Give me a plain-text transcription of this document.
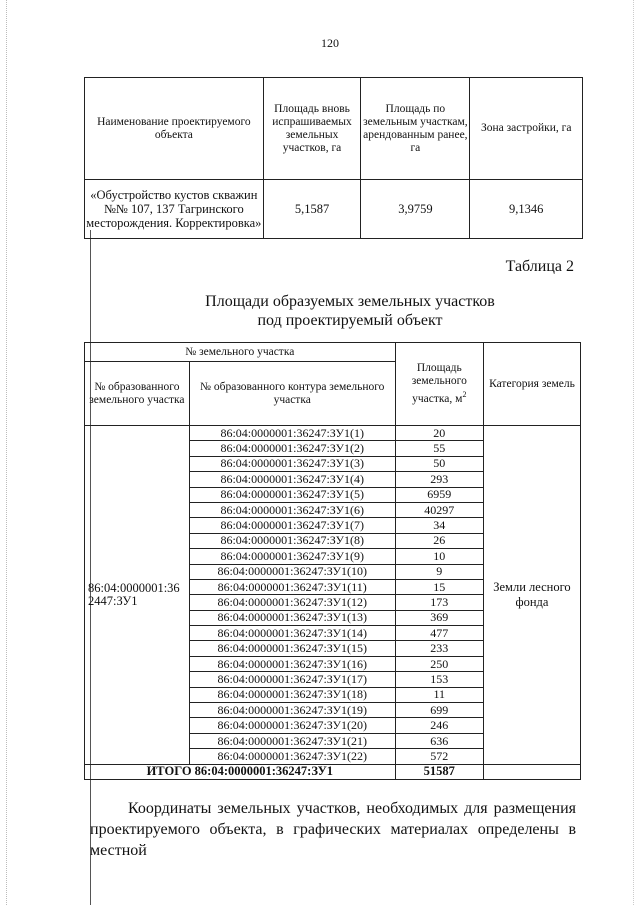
120
Наименование проектируемого объекта	Площадь вновь испрашиваемых земельных участков, га	Площадь по земельным участкам, арендованным ранее, га	Зона застройки, га
«Обустройство кустов скважин №№ 107, 137 Тагринского месторождения. Корректировка»	5,1587	3,9759	9,1346
Таблица 2
Площади образуемых земельных участков
под проектируемый объект
№ земельного участка		Площадь земельного участка, $м^2$	Категория земель
№ образованного земельного участка	№ образованного контура земельного участка		
86:04:0000001:36 2447:ЗУ1	86:04:0000001:36247:ЗУ1(1)	20	Земли лесного фонда
	86:04:0000001:36247:ЗУ1(2)	55	
	86:04:0000001:36247:ЗУ1(3)	50	
	86:04:0000001:36247:ЗУ1(4)	293	
	86:04:0000001:36247:ЗУ1(5)	6959	
	86:04:0000001:36247:ЗУ1(6)	40297	
	86:04:0000001:36247:ЗУ1(7)	34	
	86:04:0000001:36247:ЗУ1(8)	26	
	86:04:0000001:36247:ЗУ1(9)	10	
	86:04:0000001:36247:ЗУ1(10)	9	
	86:04:0000001:36247:ЗУ1(11)	15	
	86:04:0000001:36247:ЗУ1(12)	173	
	86:04:0000001:36247:ЗУ1(13)	369	
	86:04:0000001:36247:ЗУ1(14)	477	
	86:04:0000001:36247:ЗУ1(15)	233	
	86:04:0000001:36247:ЗУ1(16)	250	
	86:04:0000001:36247:ЗУ1(17)	153	
	86:04:0000001:36247:ЗУ1(18)	11	
	86:04:0000001:36247:ЗУ1(19)	699	
	86:04:0000001:36247:ЗУ1(20)	246	
	86:04:0000001:36247:ЗУ1(21)	636	
	86:04:0000001:36247:ЗУ1(22)	572	
ИТОГО 86:04:0000001:36247:ЗУ1		51587	
Координаты земельных участков, необходимых для размещения проектируемого объекта, в графических материалах определены в местной
